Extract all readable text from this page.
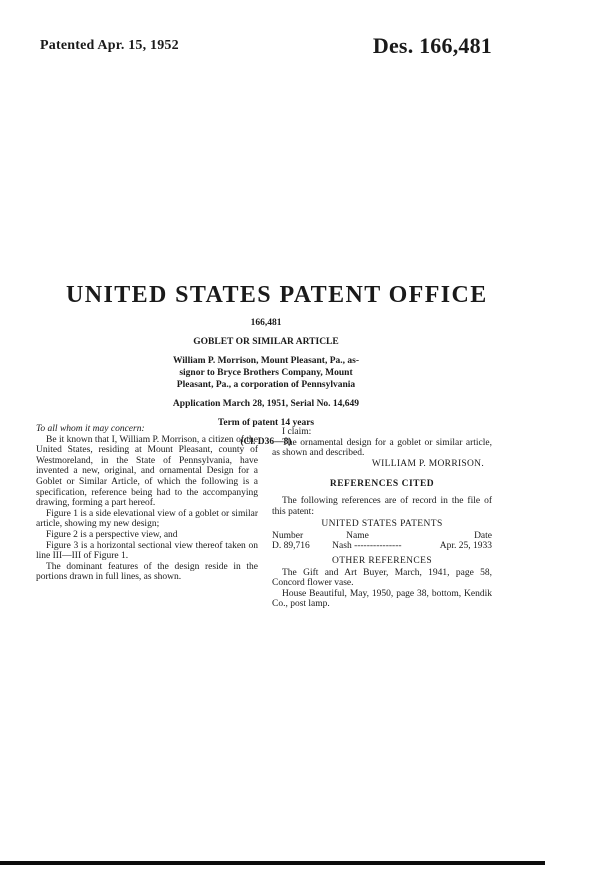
Patented Apr. 15, 1952	Des. 166,481
UNITED STATES PATENT OFFICE
166,481
GOBLET OR SIMILAR ARTICLE
William P. Morrison, Mount Pleasant, Pa., as-
signor to Bryce Brothers Company, Mount
Pleasant, Pa., a corporation of Pennsylvania
Application March 28, 1951, Serial No. 14,649
Term of patent 14 years
(Cl. D36—8)

To all whom it may concern:

Be it known that I, William P. Morrison, a citizen of the United States, residing at Mount Pleasant, county of Westmoreland, in the State of Pennsylvania, have invented a new, original, and ornamental Design for a Goblet or Similar Article, of which the following is a specification, reference being had to the accompanying drawing, forming a part hereof.

Figure 1 is a side elevational view of a goblet or similar article, showing my new design;

Figure 2 is a perspective view, and

Figure 3 is a horizontal sectional view thereof taken on line III—III of Figure 1.

The dominant features of the design reside in the portions drawn in full lines, as shown.

I claim:

The ornamental design for a goblet or similar article, as shown and described.

WILLIAM P. MORRISON.

REFERENCES CITED

The following references are of record in the file of this patent:

UNITED STATES PATENTS

Number	Name	Date
D. 89,716	Nash ---------------	Apr. 25, 1933

OTHER REFERENCES

The Gift and Art Buyer, March, 1941, page 58, Concord flower vase.

House Beautiful, May, 1950, page 38, bottom, Kendik Co., post lamp.
